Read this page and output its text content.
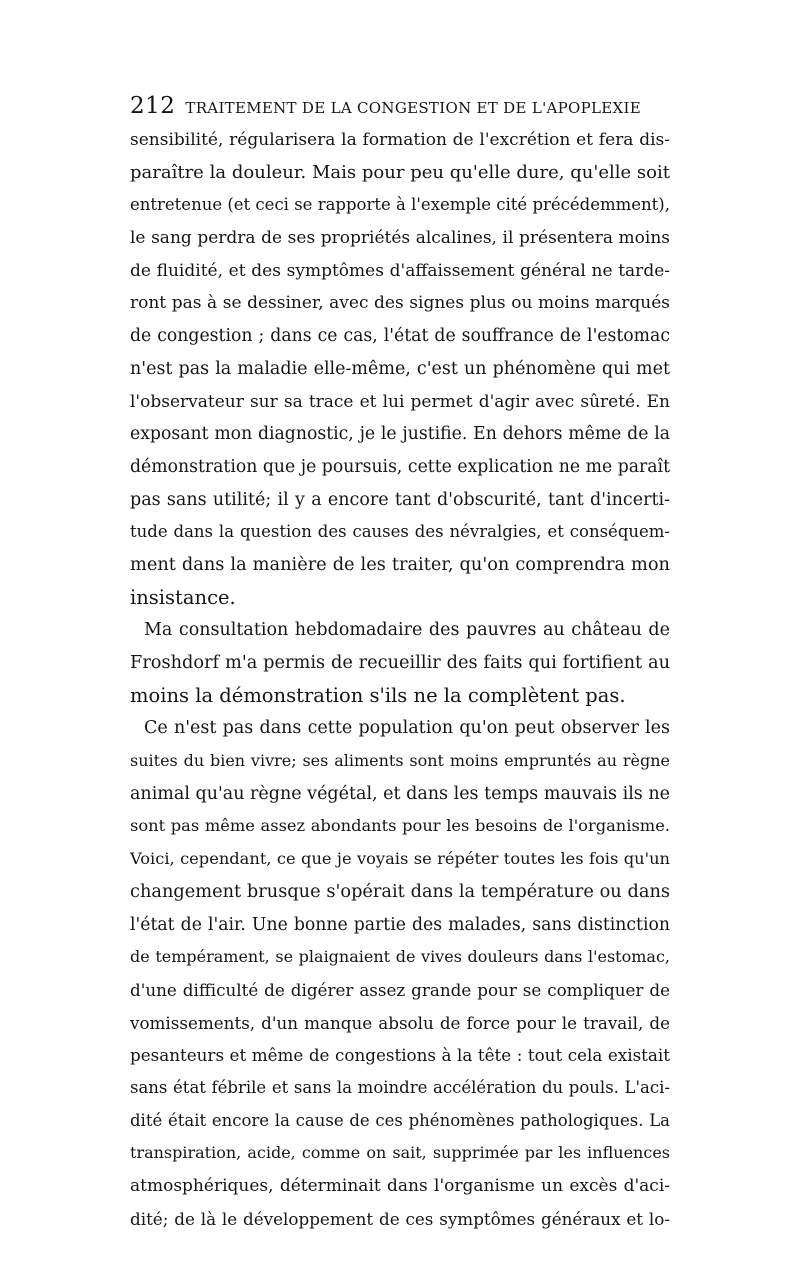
212 TRAITEMENT DE LA CONGESTION ET DE L'APOPLEXIE
sensibilité, régularisera la formation de l'excrétion et fera dis-
paraître la douleur. Mais pour peu qu'elle dure, qu'elle soit
entretenue (et ceci se rapporte à l'exemple cité précédemment),
le sang perdra de ses propriétés alcalines, il présentera moins
de fluidité, et des symptômes d'affaissement général ne tarde-
ront pas à se dessiner, avec des signes plus ou moins marqués
de congestion ; dans ce cas, l'état de souffrance de l'estomac
n'est pas la maladie elle-même, c'est un phénomène qui met
l'observateur sur sa trace et lui permet d'agir avec sûreté. En
exposant mon diagnostic, je le justifie. En dehors même de la
démonstration que je poursuis, cette explication ne me paraît
pas sans utilité; il y a encore tant d'obscurité, tant d'incerti-
tude dans la question des causes des névralgies, et conséquem-
ment dans la manière de les traiter, qu'on comprendra mon
insistance.
Ma consultation hebdomadaire des pauvres au château de
Froshdorf m'a permis de recueillir des faits qui fortifient au
moins la démonstration s'ils ne la complètent pas.
Ce n'est pas dans cette population qu'on peut observer les
suites du bien vivre; ses aliments sont moins empruntés au règne
animal qu'au règne végétal, et dans les temps mauvais ils ne
sont pas même assez abondants pour les besoins de l'organisme.
Voici, cependant, ce que je voyais se répéter toutes les fois qu'un
changement brusque s'opérait dans la température ou dans
l'état de l'air. Une bonne partie des malades, sans distinction
de tempérament, se plaignaient de vives douleurs dans l'estomac,
d'une difficulté de digérer assez grande pour se compliquer de
vomissements, d'un manque absolu de force pour le travail, de
pesanteurs et même de congestions à la tête : tout cela existait
sans état fébrile et sans la moindre accélération du pouls. L'aci-
dité était encore la cause de ces phénomènes pathologiques. La
transpiration, acide, comme on sait, supprimée par les influences
atmosphériques, déterminait dans l'organisme un excès d'aci-
dité; de là le développement de ces symptômes généraux et lo-
